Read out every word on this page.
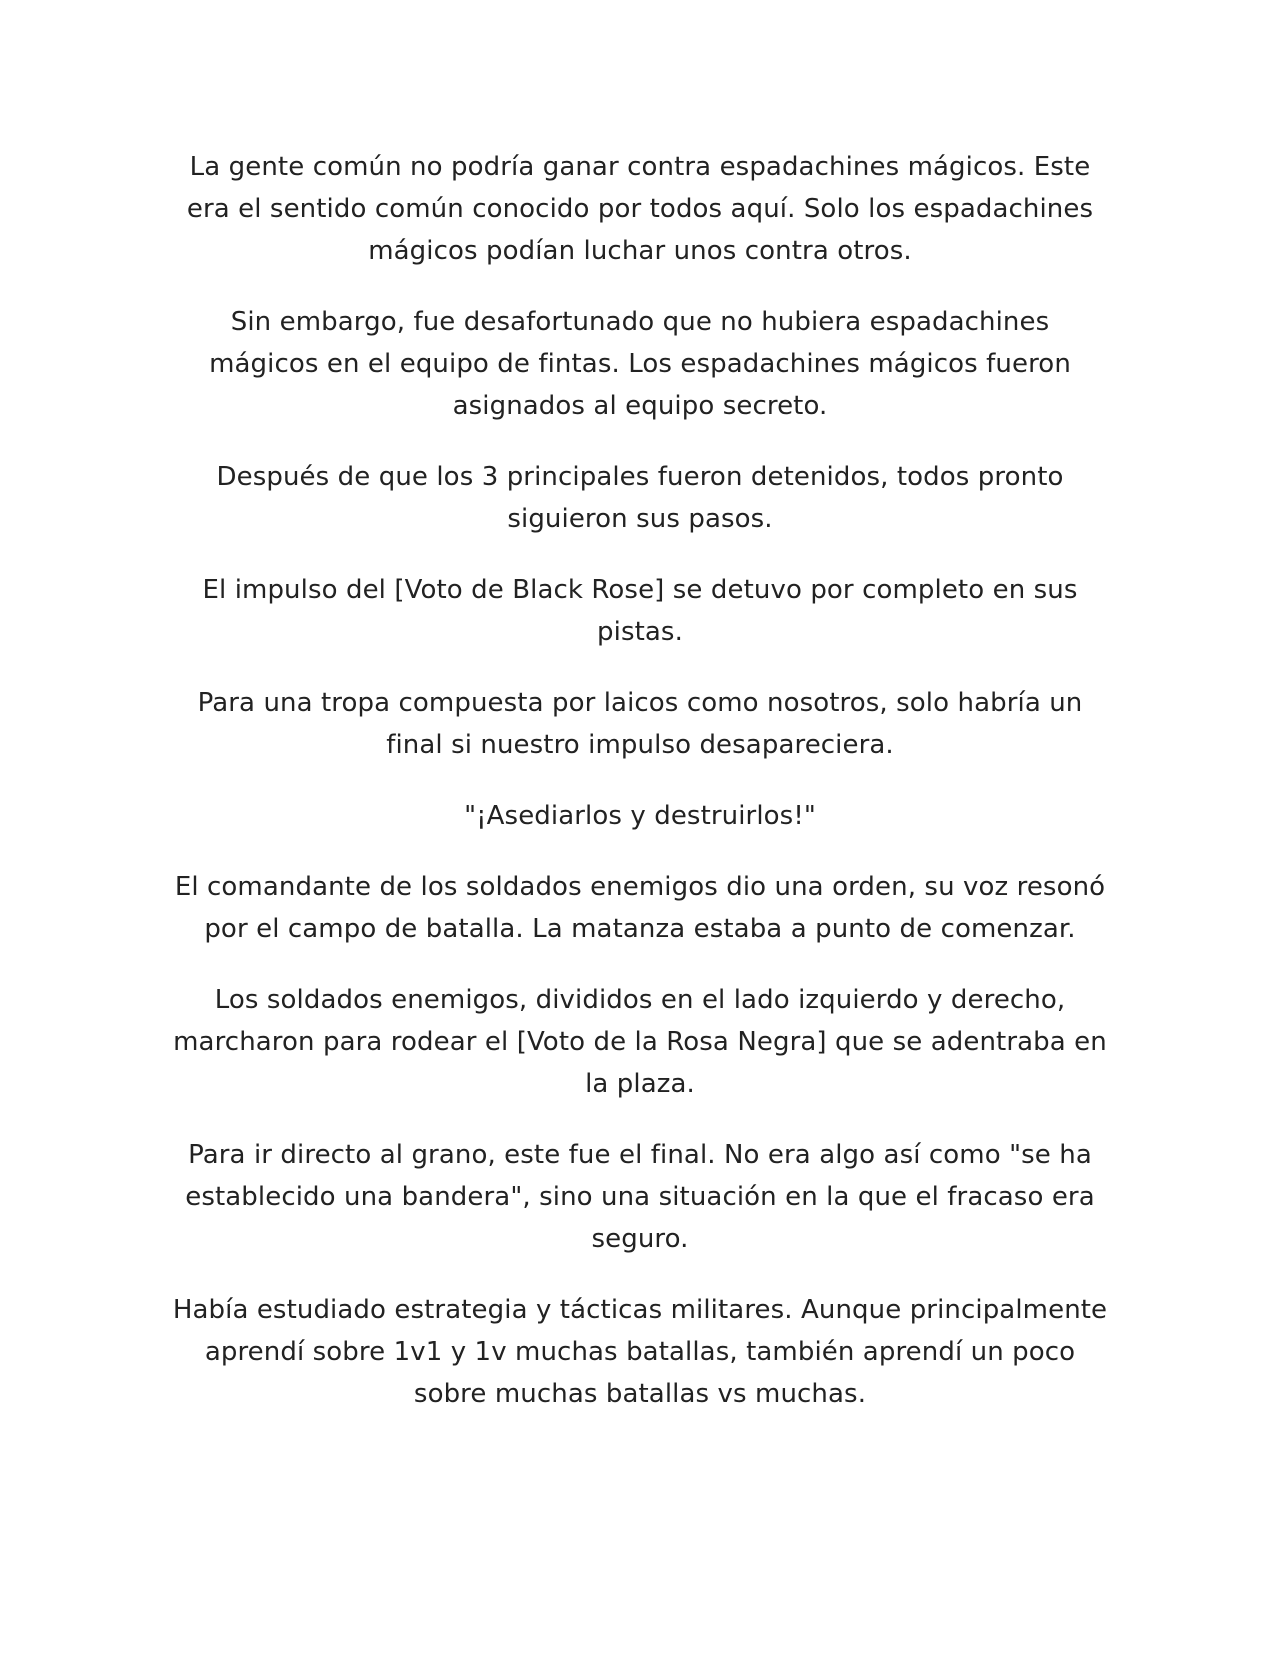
La gente común no podría ganar contra espadachines mágicos. Este era el sentido común conocido por todos aquí. Solo los espadachines mágicos podían luchar unos contra otros.

Sin embargo, fue desafortunado que no hubiera espadachines mágicos en el equipo de fintas. Los espadachines mágicos fueron asignados al equipo secreto.

Después de que los 3 principales fueron detenidos, todos pronto siguieron sus pasos.

El impulso del [Voto de Black Rose] se detuvo por completo en sus pistas.

Para una tropa compuesta por laicos como nosotros, solo habría un final si nuestro impulso desapareciera.

"¡Asediarlos y destruirlos!"

El comandante de los soldados enemigos dio una orden, su voz resonó por el campo de batalla. La matanza estaba a punto de comenzar.

Los soldados enemigos, divididos en el lado izquierdo y derecho, marcharon para rodear el [Voto de la Rosa Negra] que se adentraba en la plaza.

Para ir directo al grano, este fue el final. No era algo así como "se ha establecido una bandera", sino una situación en la que el fracaso era seguro.

Había estudiado estrategia y tácticas militares. Aunque principalmente aprendí sobre 1v1 y 1v muchas batallas, también aprendí un poco sobre muchas batallas vs muchas.
